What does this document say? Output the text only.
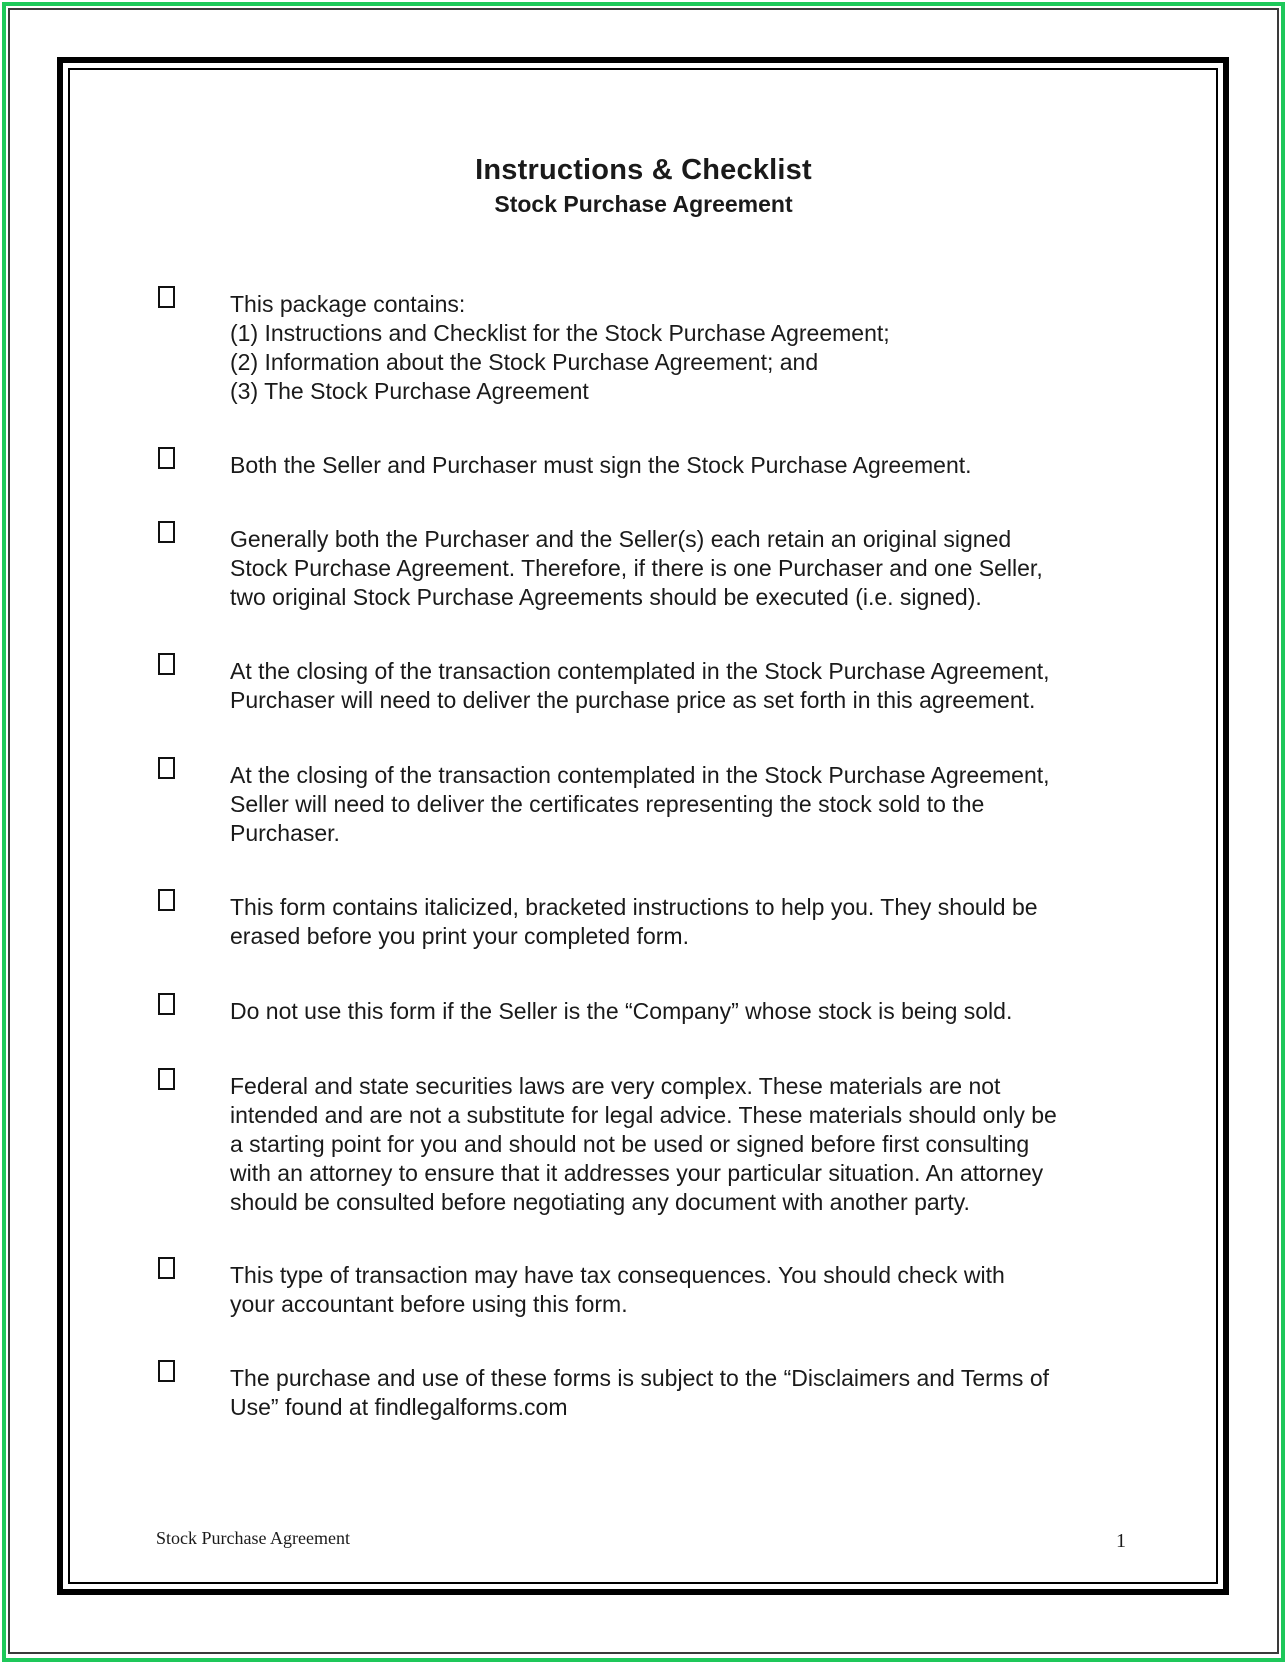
Instructions & Checklist
Stock Purchase Agreement
This package contains:
(1) Instructions and Checklist for the Stock Purchase Agreement;
(2) Information about the Stock Purchase Agreement; and
(3) The Stock Purchase Agreement
Both the Seller and Purchaser must sign the Stock Purchase Agreement.
Generally both the Purchaser and the Seller(s) each retain an original signed
Stock Purchase Agreement. Therefore, if there is one Purchaser and one Seller,
two original Stock Purchase Agreements should be executed (i.e. signed).
At the closing of the transaction contemplated in the Stock Purchase Agreement,
Purchaser will need to deliver the purchase price as set forth in this agreement.
At the closing of the transaction contemplated in the Stock Purchase Agreement,
Seller will need to deliver the certificates representing the stock sold to the
Purchaser.
This form contains italicized, bracketed instructions to help you. They should be
erased before you print your completed form.
Do not use this form if the Seller is the “Company” whose stock is being sold.
Federal and state securities laws are very complex. These materials are not
intended and are not a substitute for legal advice. These materials should only be
a starting point for you and should not be used or signed before first consulting
with an attorney to ensure that it addresses your particular situation. An attorney
should be consulted before negotiating any document with another party.
This type of transaction may have tax consequences. You should check with
your accountant before using this form.
The purchase and use of these forms is subject to the “Disclaimers and Terms of
Use” found at findlegalforms.com
Stock Purchase Agreement	1
